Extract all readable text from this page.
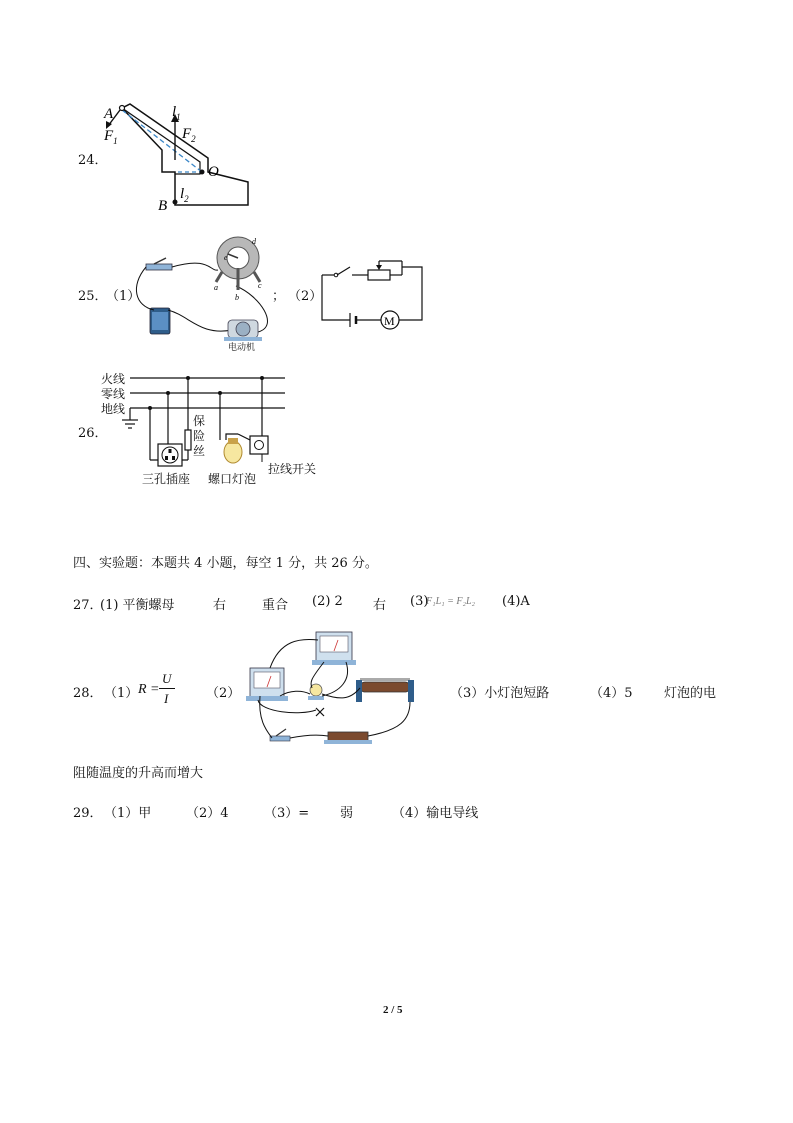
24．
A
$F_1$
$l_1$
$F_2$
O
B
$l_2$
25．
（1）
a
b
c
d
e
电动机
； （2）
M
26．
火线
零线
地线
保
险
丝
三孔插座 螺口灯泡
拉线开关
四、实验题：本题共 4 小题，每空 1 分，共 26 分。
27．
(1) 平衡螺母	右	重合 (2) 2 右 (3)
F₁L₁ = F₂L₂ (4)A
28． （1） R =
U
I	（2）	（3）小灯泡短路	（4）5 灯泡的电
阻随温度的升高而增大
29． （1）甲	（2）4	（3）= 弱	（4）输电导线
2 / 5
